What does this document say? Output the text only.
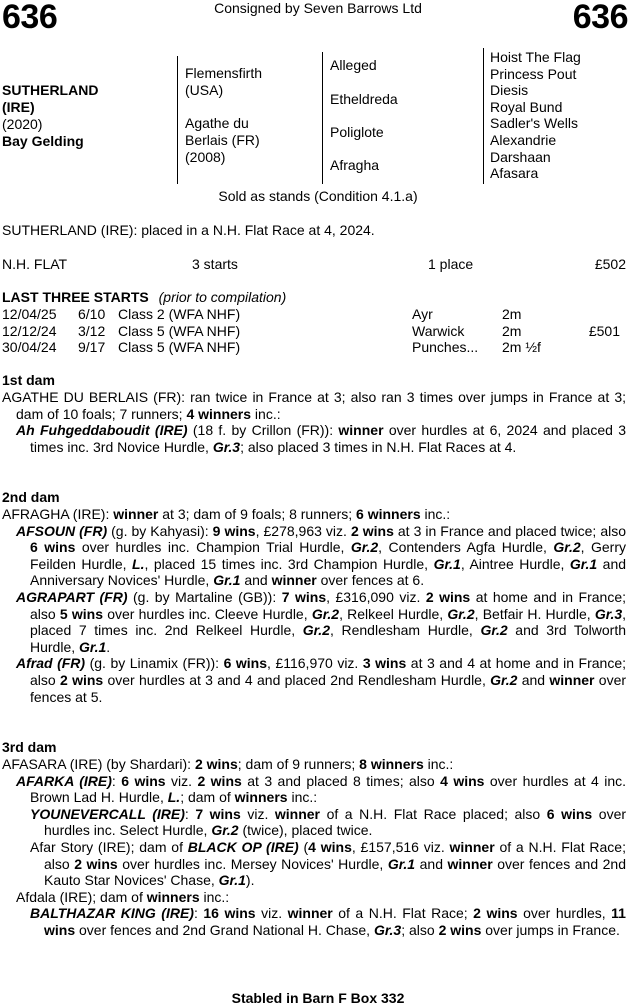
636	636
Consigned by Seven Barrows Ltd
SUTHERLAND
(IRE)
(2020)
Bay Gelding
Flemensfirth
(USA)
Agathe du
Berlais (FR)
(2008)
Alleged
Etheldreda
Poliglote
Afragha
Hoist The Flag
Princess Pout
Diesis
Royal Bund
Sadler's Wells
Alexandrie
Darshaan
Afasara
Sold as stands (Condition 4.1.a)
SUTHERLAND (IRE): placed in a N.H. Flat Race at 4, 2024.
N.H. FLAT	3 starts	1 place	£502
LAST THREE STARTS (prior to compilation)
12/04/25	6/10	Class 2 (WFA NHF)	Ayr	2m	
12/12/24	3/12	Class 5 (WFA NHF)	Warwick	2m	£501
30/04/24	9/17	Class 5 (WFA NHF)	Punches...	2m ½f	
1st dam
AGATHE DU BERLAIS (FR): ran twice in France at 3; also ran 3 times over jumps in France at 3; dam of 10 foals; 7 runners; 4 winners inc.:
Ah Fuhgeddaboudit (IRE) (18 f. by Crillon (FR)): winner over hurdles at 6, 2024 and placed 3 times inc. 3rd Novice Hurdle, Gr.3; also placed 3 times in N.H. Flat Races at 4.
2nd dam
AFRAGHA (IRE): winner at 3; dam of 9 foals; 8 runners; 6 winners inc.:
AFSOUN (FR) (g. by Kahyasi): 9 wins, £278,963 viz. 2 wins at 3 in France and placed twice; also 6 wins over hurdles inc. Champion Trial Hurdle, Gr.2, Contenders Agfa Hurdle, Gr.2, Gerry Feilden Hurdle, L., placed 15 times inc. 3rd Champion Hurdle, Gr.1, Aintree Hurdle, Gr.1 and Anniversary Novices' Hurdle, Gr.1 and winner over fences at 6.
AGRAPART (FR) (g. by Martaline (GB)): 7 wins, £316,090 viz. 2 wins at home and in France; also 5 wins over hurdles inc. Cleeve Hurdle, Gr.2, Relkeel Hurdle, Gr.2, Betfair H. Hurdle, Gr.3, placed 7 times inc. 2nd Relkeel Hurdle, Gr.2, Rendlesham Hurdle, Gr.2 and 3rd Tolworth Hurdle, Gr.1.
Afrad (FR) (g. by Linamix (FR)): 6 wins, £116,970 viz. 3 wins at 3 and 4 at home and in France; also 2 wins over hurdles at 3 and 4 and placed 2nd Rendlesham Hurdle, Gr.2 and winner over fences at 5.
3rd dam
AFASARA (IRE) (by Shardari): 2 wins; dam of 9 runners; 8 winners inc.:
AFARKA (IRE): 6 wins viz. 2 wins at 3 and placed 8 times; also 4 wins over hurdles at 4 inc. Brown Lad H. Hurdle, L.; dam of winners inc.:
YOUNEVERCALL (IRE): 7 wins viz. winner of a N.H. Flat Race placed; also 6 wins over hurdles inc. Select Hurdle, Gr.2 (twice), placed twice.
Afar Story (IRE); dam of BLACK OP (IRE) (4 wins, £157,516 viz. winner of a N.H. Flat Race; also 2 wins over hurdles inc. Mersey Novices' Hurdle, Gr.1 and winner over fences and 2nd Kauto Star Novices' Chase, Gr.1).
Afdala (IRE); dam of winners inc.:
BALTHAZAR KING (IRE): 16 wins viz. winner of a N.H. Flat Race; 2 wins over hurdles, 11 wins over fences and 2nd Grand National H. Chase, Gr.3; also 2 wins over jumps in France.
Stabled in Barn F Box 332
